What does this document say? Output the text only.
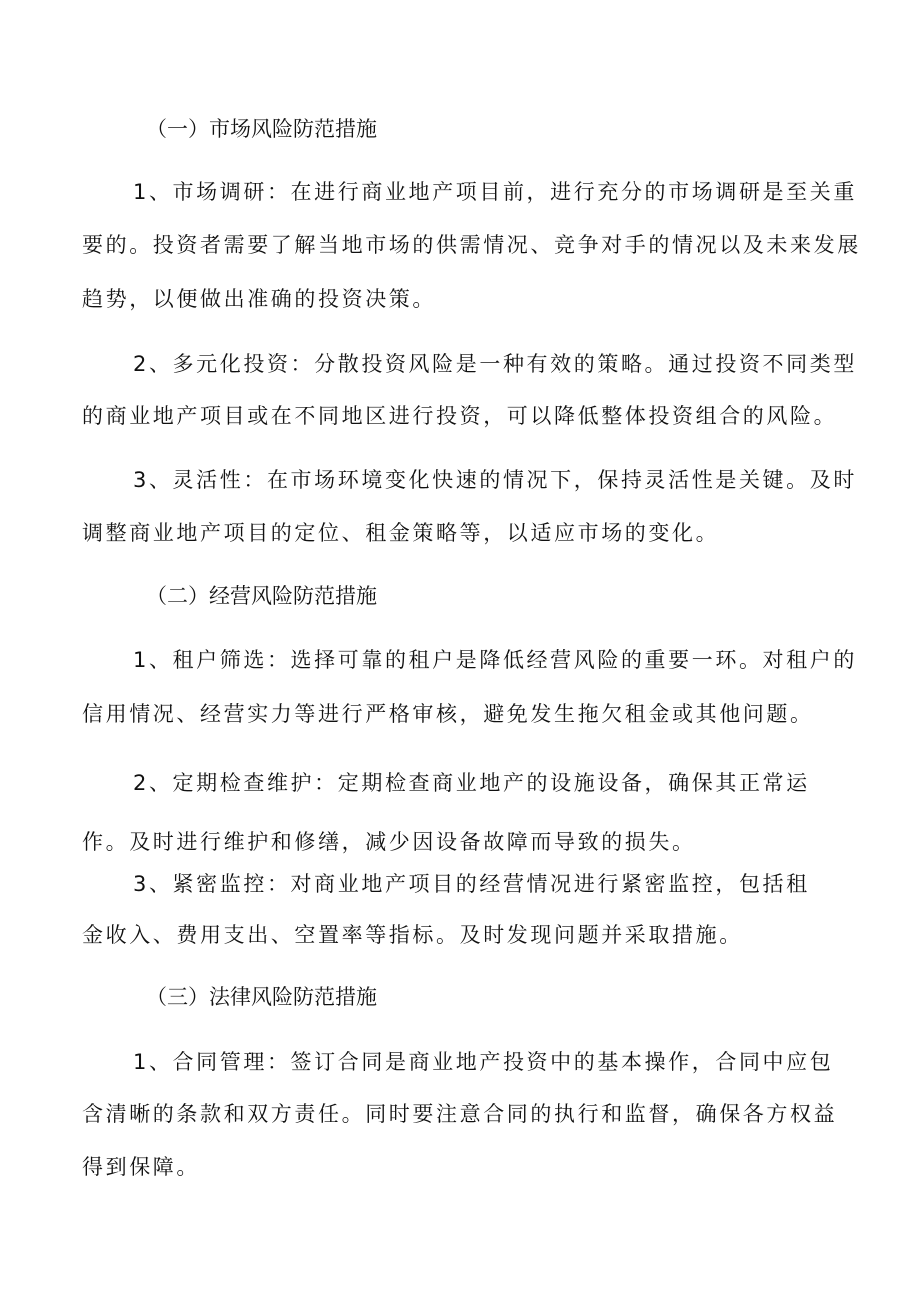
（一）市场风险防范措施
1、市场调研：在进行商业地产项目前，进行充分的市场调研是至关重
要的。投资者需要了解当地市场的供需情况、竞争对手的情况以及未来发展
趋势，以便做出准确的投资决策。
2、多元化投资：分散投资风险是一种有效的策略。通过投资不同类型
的商业地产项目或在不同地区进行投资，可以降低整体投资组合的风险。
3、灵活性：在市场环境变化快速的情况下，保持灵活性是关键。及时
调整商业地产项目的定位、租金策略等，以适应市场的变化。
（二）经营风险防范措施
1、租户筛选：选择可靠的租户是降低经营风险的重要一环。对租户的
信用情况、经营实力等进行严格审核，避免发生拖欠租金或其他问题。
2、定期检查维护：定期检查商业地产的设施设备，确保其正常运
作。及时进行维护和修缮，减少因设备故障而导致的损失。
3、紧密监控：对商业地产项目的经营情况进行紧密监控，包括租
金收入、费用支出、空置率等指标。及时发现问题并采取措施。
（三）法律风险防范措施
1、合同管理：签订合同是商业地产投资中的基本操作，合同中应包
含清晰的条款和双方责任。同时要注意合同的执行和监督，确保各方权益
得到保障。
